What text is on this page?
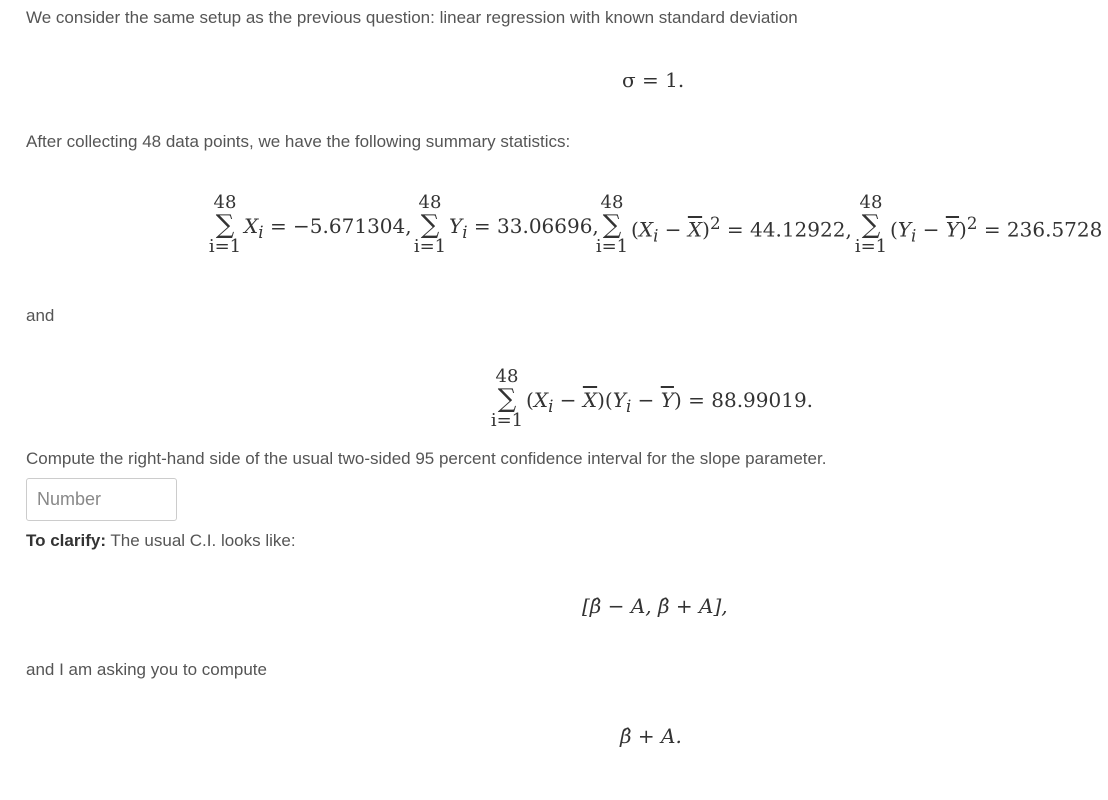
We consider the same setup as the previous question: linear regression with known standard deviation

σ = 1.

After collecting 48 data points, we have the following summary statistics:

48
∑
i=1
$X_i = -5.671304$,
48
∑
i=1
$Y_i = 33.06696$,
48
∑
i=1
$(X_i - \overline{X})^2 = 44.12922$,
48
∑
i=1
$(Y_i - \overline{Y})^2 = 236.5728$

and

48
∑
i=1
$(X_i - \overline{X})(Y_i - \overline{Y}) = 88.99019$.

Compute the right-hand side of the usual two-sided 95 percent confidence interval for the slope parameter.

Number

To clarify: The usual C.I. looks like:

[β̂ − A, β̂ + A],

and I am asking you to compute

β̂ + A.
